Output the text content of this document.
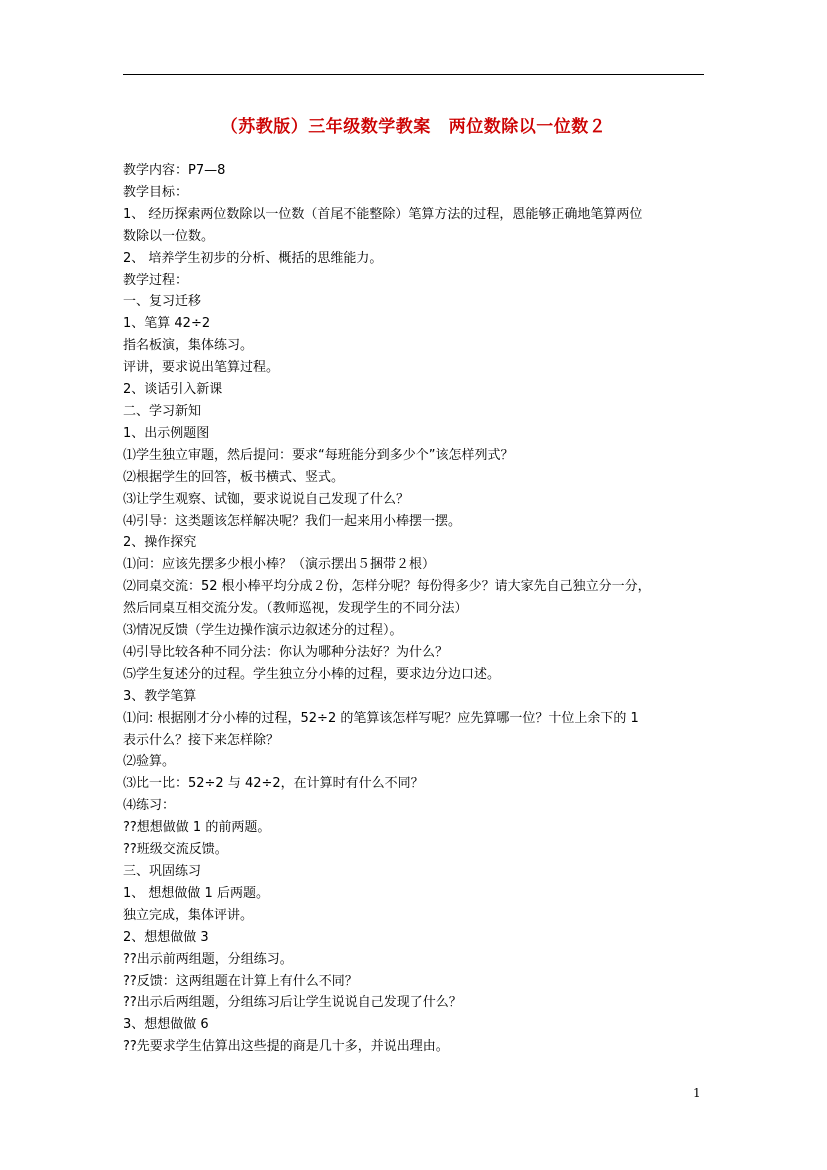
（苏教版）三年级数学教案 两位数除以一位数２
教学内容：P7—8
教学目标：
1、 经历探索两位数除以一位数（首尾不能整除）笔算方法的过程，恩能够正确地笔算两位
数除以一位数。
2、 培养学生初步的分析、概括的思维能力。
教学过程：
一、复习迁移
1、笔算 42÷2
指名板演，集体练习。
评讲，要求说出笔算过程。
2、谈话引入新课
二、学习新知
1、出示例题图
⑴学生独立审题，然后提问：要求“每班能分到多少个”该怎样列式？
⑵根据学生的回答，板书横式、竖式。
⑶让学生观察、试铷，要求说说自己发现了什么？
⑷引导：这类题该怎样解决呢？我们一起来用小棒摆一摆。
2、操作探究
⑴问：应该先摆多少根小棒？（演示摆出５捆带２根）
⑵同桌交流：52 根小棒平均分成２份，怎样分呢？每份得多少？请大家先自己独立分一分，
然后同桌互相交流分发。（教师巡视，发现学生的不同分法）
⑶情况反馈（学生边操作演示边叙述分的过程）。
⑷引导比较各种不同分法：你认为哪种分法好？为什么？
⑸学生复述分的过程。学生独立分小棒的过程，要求边分边口述。
3、教学笔算
⑴问: 根据刚才分小棒的过程，52÷2 的笔算该怎样写呢？应先算哪一位？十位上余下的 1
表示什么？接下来怎样除？
⑵验算。
⑶比一比：52÷2 与 42÷2，在计算时有什么不同？
⑷练习：
??想想做做 1 的前两题。
??班级交流反馈。
三、巩固练习
1、 想想做做 1 后两题。
独立完成，集体评讲。
2、想想做做 3
??出示前两组题，分组练习。
??反馈：这两组题在计算上有什么不同？
??出示后两组题，分组练习后让学生说说自己发现了什么？
3、想想做做 6
??先要求学生估算出这些提的商是几十多，并说出理由。
1
